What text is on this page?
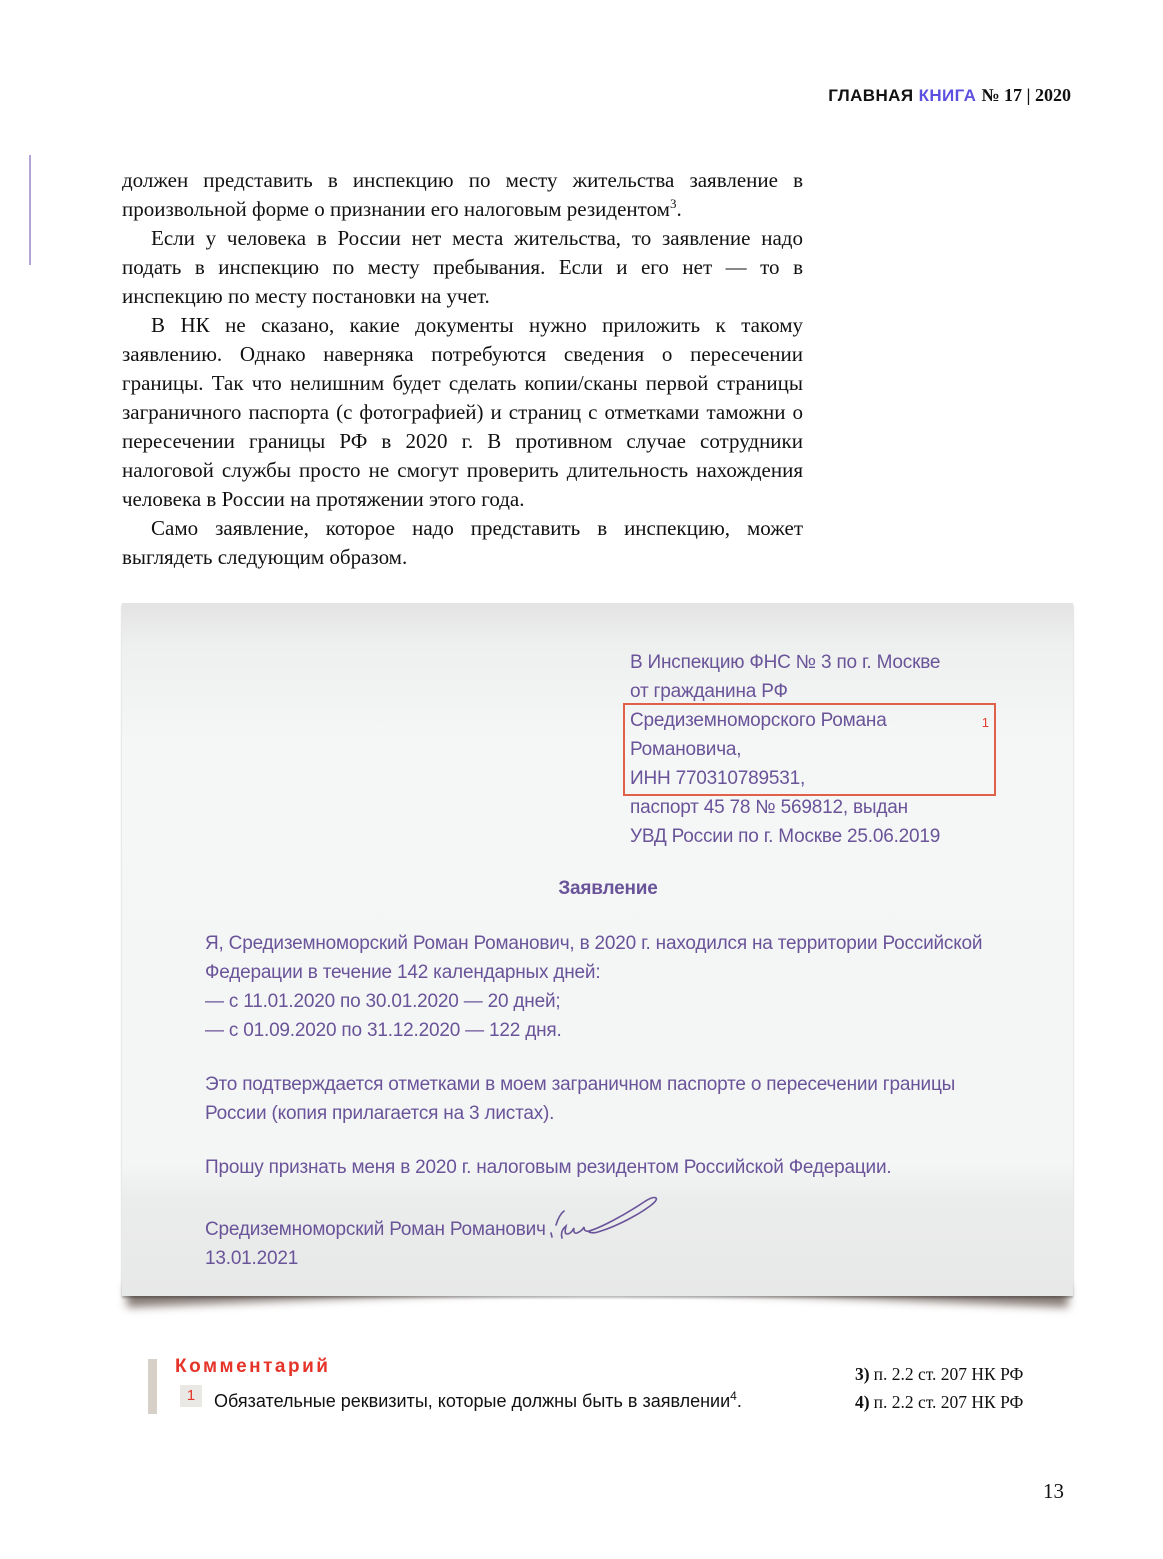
ГЛАВНАЯ КНИГА № 17 | 2020

должен представить в инспекцию по месту жительства заявление в произвольной форме о признании его налоговым резидентом$^3$.

Если у человека в России нет места жительства, то заявление надо подать в инспекцию по месту пребывания. Если и его нет — то в инспекцию по месту постановки на учет.

В НК не сказано, какие документы нужно приложить к такому заявлению. Однако наверняка потребуются сведения о пересечении границы. Так что нелишним будет сделать копии/сканы первой страницы заграничного паспорта (с фотографией) и страниц с отметками таможни о пересечении границы РФ в 2020 г. В противном случае сотрудники налоговой службы просто не смогут проверить длительность нахождения человека в России на протяжении этого года.

Само заявление, которое надо представить в инспекцию, может выглядеть следующим образом.

В Инспекцию ФНС № 3 по г. Москве
от гражданина РФ
Средиземноморского Романа Романовича,
ИНН 770310789531,
1
паспорт 45 78 № 569812, выдан
УВД России по г. Москве 25.06.2019
Заявление

Я, Средиземноморский Роман Романович, в 2020 г. находился на территории Российской Федерации в течение 142 календарных дней:

— с 11.01.2020 по 30.01.2020 — 20 дней;
— с 01.09.2020 по 31.12.2020 — 122 дня.

Это подтверждается отметками в моем заграничном паспорте о пересечении границы России (копия прилагается на 3 листах).

Прошу признать меня в 2020 г. налоговым резидентом Российской Федерации.

Средиземноморский Роман Романович
13.01.2021
Комментарий
1	Обязательные реквизиты, которые должны быть в заявлении$^4$.
3) п. 2.2 ст. 207 НК РФ
4) п. 2.2 ст. 207 НК РФ
13
